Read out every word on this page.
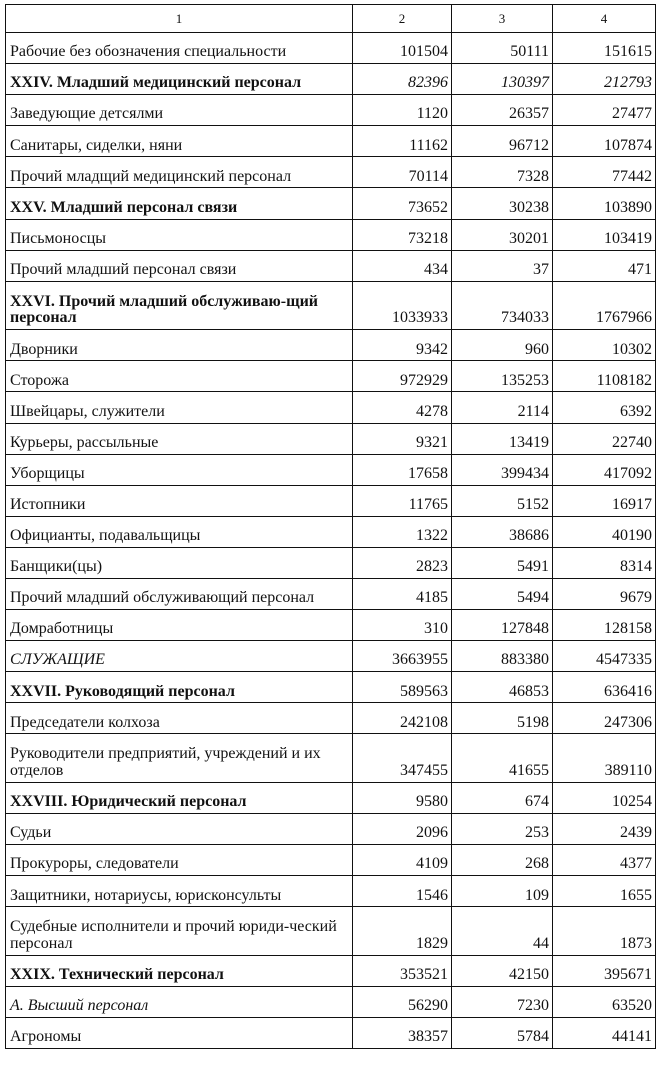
1	2	3	4
Рабочие без обозначения специальности	101504	50111	151615
XXIV. Младший медицинский персонал	82396	130397	212793
Заведующие детсялми	1120	26357	27477
Санитары, сиделки, няни	11162	96712	107874
Прочий младщий медицинский персонал	70114	7328	77442
XXV. Младший персонал связи	73652	30238	103890
Письмоносцы	73218	30201	103419
Прочий младший персонал связи	434	37	471
XXVI. Прочий младший обслуживаю-щий персонал	1033933	734033	1767966
Дворники	9342	960	10302
Сторожа	972929	135253	1108182
Швейцары, служители	4278	2114	6392
Курьеры, рассыльные	9321	13419	22740
Уборщицы	17658	399434	417092
Истопники	11765	5152	16917
Официанты, подавальщицы	1322	38686	40190
Банщики(цы)	2823	5491	8314
Прочий младший обслуживающий персонал	4185	5494	9679
Домработницы	310	127848	128158
СЛУЖАЩИЕ	3663955	883380	4547335
XXVII. Руководящий персонал	589563	46853	636416
Председатели колхоза	242108	5198	247306
Руководители предприятий, учреждений и их отделов	347455	41655	389110
XXVIII. Юридический персонал	9580	674	10254
Судьи	2096	253	2439
Прокуроры, следователи	4109	268	4377
Защитники, нотариусы, юрисконсульты	1546	109	1655
Судебные исполнители и прочий юриди-ческий персонал	1829	44	1873
XXIX. Технический персонал	353521	42150	395671
А. Высший персонал	56290	7230	63520
Агрономы	38357	5784	44141
